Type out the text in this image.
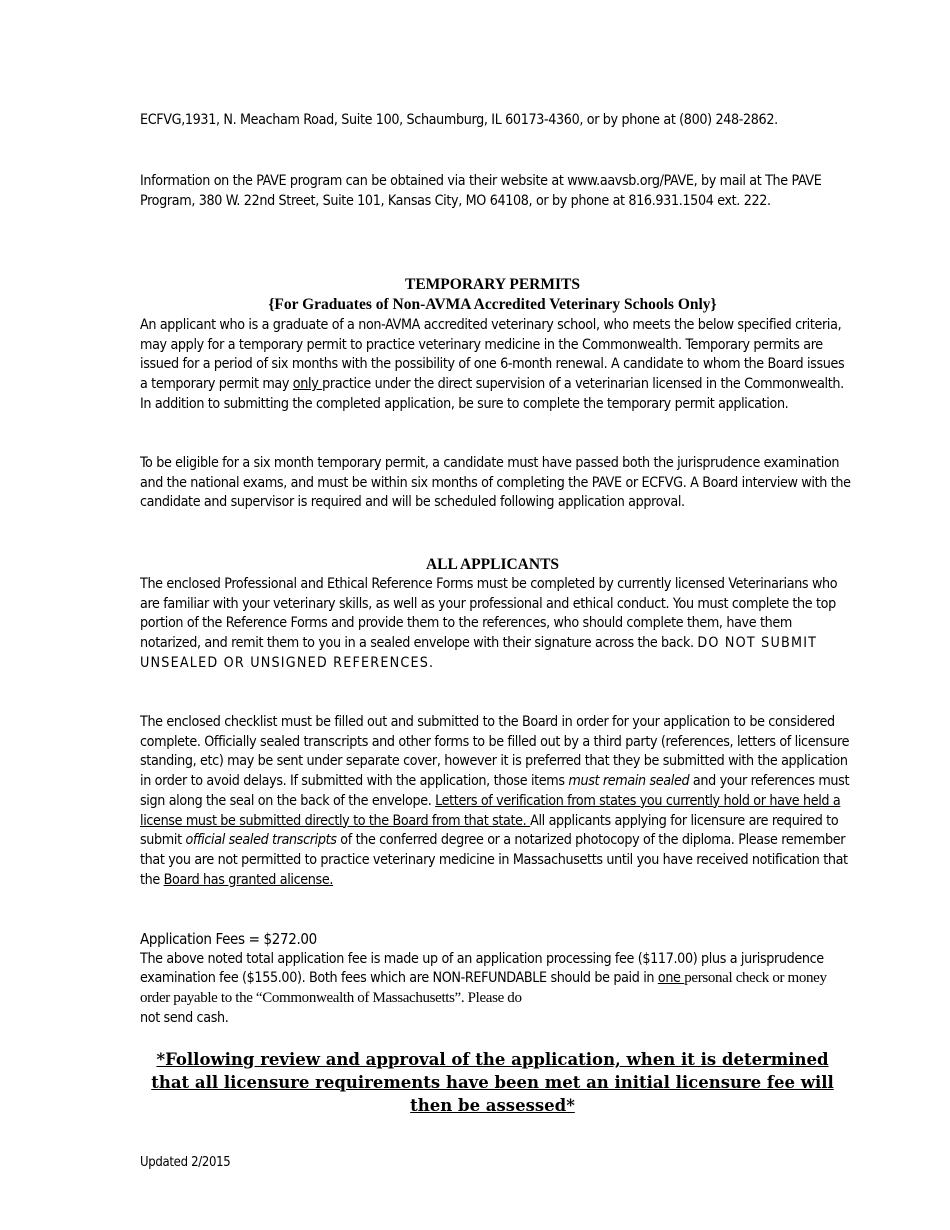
ECFVG,1931, N. Meacham Road, Suite 100, Schaumburg, IL 60173-4360, or by phone at (800) 248-2862.

Information on the PAVE program can be obtained via their website at www.aavsb.org/PAVE, by mail at The PAVE Program, 380 W. 22nd Street, Suite 101, Kansas City, MO 64108, or by phone at 816.931.1504 ext. 222.

TEMPORARY PERMITS
{For Graduates of Non-AVMA Accredited Veterinary Schools Only}

An applicant who is a graduate of a non-AVMA accredited veterinary school, who meets the below specified criteria, may apply for a temporary permit to practice veterinary medicine in the Commonwealth. Temporary permits are issued for a period of six months with the possibility of one 6-month renewal. A candidate to whom the Board issues a temporary permit may only practice under the direct supervision of a veterinarian licensed in the Commonwealth. In addition to submitting the completed application, be sure to complete the temporary permit application.

To be eligible for a six month temporary permit, a candidate must have passed both the jurisprudence examination and the national exams, and must be within six months of completing the PAVE or ECFVG. A Board interview with the candidate and supervisor is required and will be scheduled following application approval.

ALL APPLICANTS

The enclosed Professional and Ethical Reference Forms must be completed by currently licensed Veterinarians who are familiar with your veterinary skills, as well as your professional and ethical conduct. You must complete the top portion of the Reference Forms and provide them to the references, who should complete them, have them notarized, and remit them to you in a sealed envelope with their signature across the back. DO NOT SUBMIT UNSEALED OR UNSIGNED REFERENCES.

The enclosed checklist must be filled out and submitted to the Board in order for your application to be considered complete. Officially sealed transcripts and other forms to be filled out by a third party (references, letters of licensure standing, etc) may be sent under separate cover, however it is preferred that they be submitted with the application in order to avoid delays. If submitted with the application, those items must remain sealed and your references must sign along the seal on the back of the envelope. Letters of verification from states you currently hold or have held a license must be submitted directly to the Board from that state. All applicants applying for licensure are required to submit official sealed transcripts of the conferred degree or a notarized photocopy of the diploma. Please remember that you are not permitted to practice veterinary medicine in Massachusetts until you have received notification that the Board has granted alicense.

Application Fees = $272.00

The above noted total application fee is made up of an application processing fee ($117.00) plus a jurisprudence examination fee ($155.00). Both fees which are NON-REFUNDABLE should be paid in one personal check or money order payable to the “Commonwealth of Massachusetts”. Please do

not send cash.

*Following review and approval of the application, when it is determined that all licensure requirements have been met an initial licensure fee will then be assessed*
Updated 2/2015
